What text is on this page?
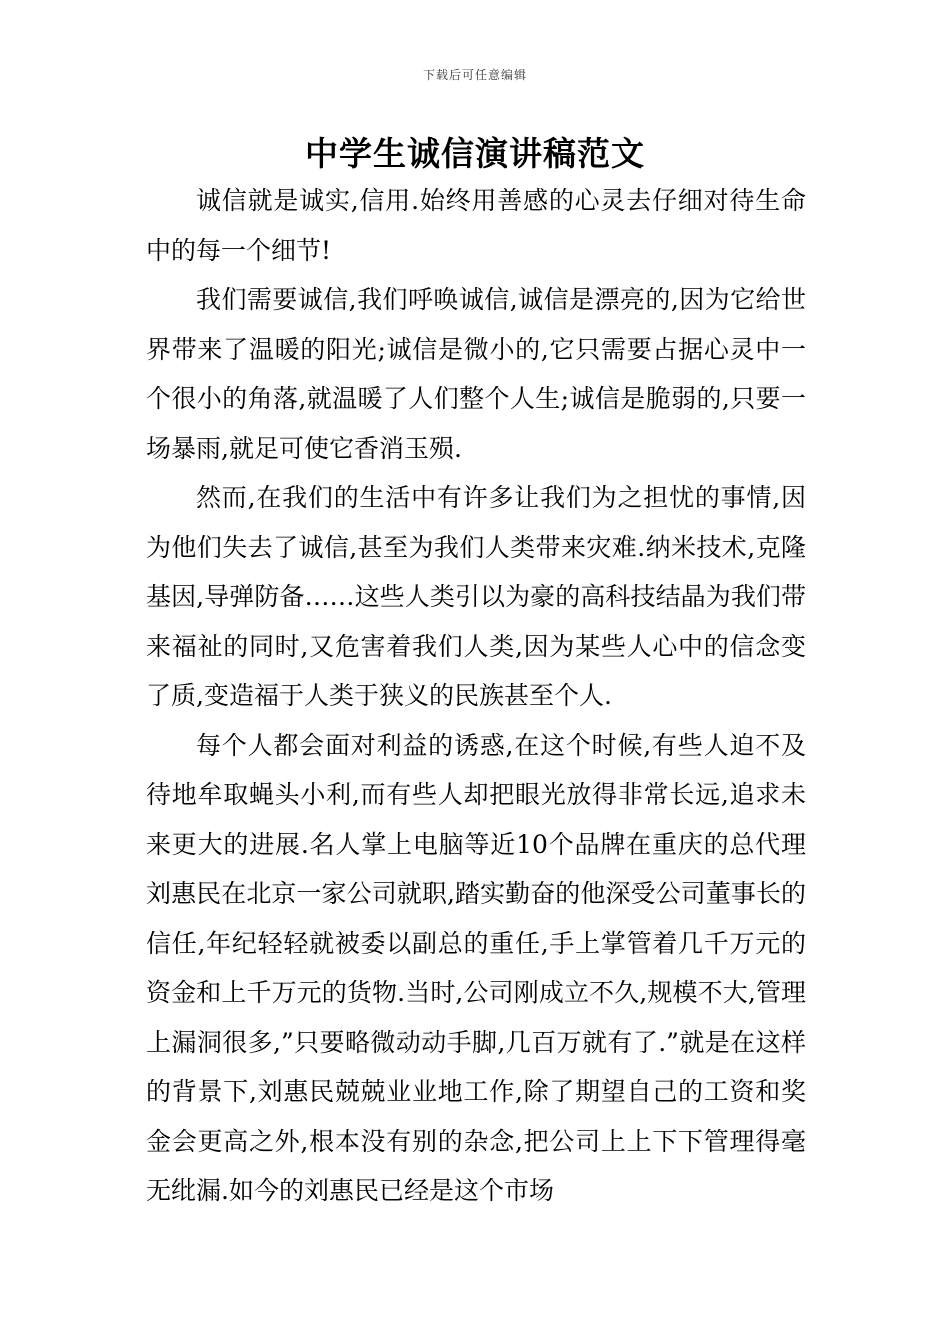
下载后可任意编辑
中学生诚信演讲稿范文

诚信就是诚实,信用.始终用善感的心灵去仔细对待生命中的每一个细节!

我们需要诚信,我们呼唤诚信,诚信是漂亮的,因为它给世界带来了温暖的阳光;诚信是微小的,它只需要占据心灵中一个很小的角落,就温暖了人们整个人生;诚信是脆弱的,只要一场暴雨,就足可使它香消玉殒.

然而,在我们的生活中有许多让我们为之担忧的事情,因为他们失去了诚信,甚至为我们人类带来灾难.纳米技术,克隆基因,导弹防备……这些人类引以为豪的高科技结晶为我们带来福祉的同时,又危害着我们人类,因为某些人心中的信念变了质,变造福于人类于狭义的民族甚至个人.

每个人都会面对利益的诱惑,在这个时候,有些人迫不及待地牟取蝇头小利,而有些人却把眼光放得非常长远,追求未来更大的进展.名人掌上电脑等近10个品牌在重庆的总代理刘惠民在北京一家公司就职,踏实勤奋的他深受公司董事长的信任,年纪轻轻就被委以副总的重任,手上掌管着几千万元的资金和上千万元的货物.当时,公司刚成立不久,规模不大,管理上漏洞很多,”只要略微动动手脚,几百万就有了.”就是在这样的背景下,刘惠民兢兢业业地工作,除了期望自己的工资和奖金会更高之外,根本没有别的杂念,把公司上上下下管理得毫无纰漏.如今的刘惠民已经是这个市场
